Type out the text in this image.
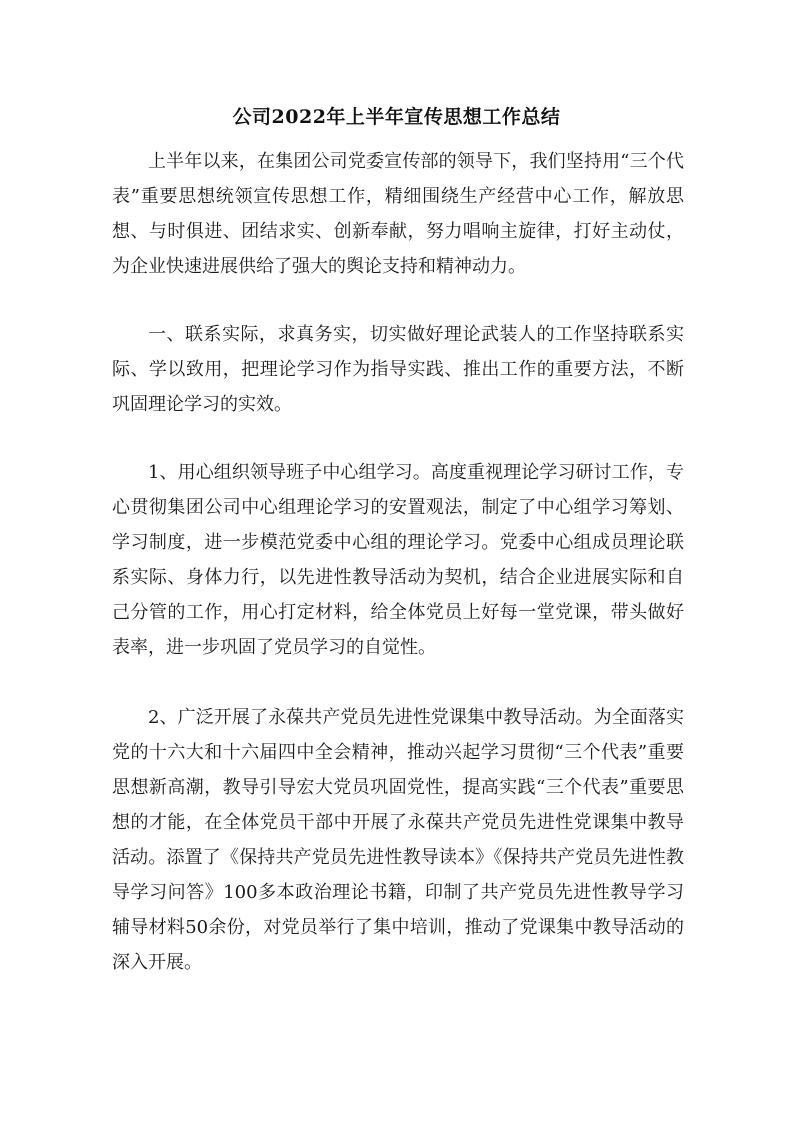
公司2022年上半年宣传思想工作总结

上半年以来，在集团公司党委宣传部的领导下，我们坚持用“三个代表”重要思想统领宣传思想工作，精细围绕生产经营中心工作，解放思想、与时俱进、团结求实、创新奉献，努力唱响主旋律，打好主动仗，为企业快速进展供给了强大的舆论支持和精神动力。

一、联系实际，求真务实，切实做好理论武装人的工作坚持联系实际、学以致用，把理论学习作为指导实践、推出工作的重要方法，不断巩固理论学习的实效。

1、用心组织领导班子中心组学习。高度重视理论学习研讨工作，专心贯彻集团公司中心组理论学习的安置观法，制定了中心组学习筹划、学习制度，进一步模范党委中心组的理论学习。党委中心组成员理论联系实际、身体力行，以先进性教导活动为契机，结合企业进展实际和自己分管的工作，用心打定材料，给全体党员上好每一堂党课，带头做好表率，进一步巩固了党员学习的自觉性。

2、广泛开展了永葆共产党员先进性党课集中教导活动。为全面落实党的十六大和十六届四中全会精神，推动兴起学习贯彻“三个代表”重要思想新高潮，教导引导宏大党员巩固党性，提高实践“三个代表”重要思想的才能，在全体党员干部中开展了永葆共产党员先进性党课集中教导活动。添置了《保持共产党员先进性教导读本》《保持共产党员先进性教导学习问答》100多本政治理论书籍，印制了共产党员先进性教导学习辅导材料50余份，对党员举行了集中培训，推动了党课集中教导活动的深入开展。
